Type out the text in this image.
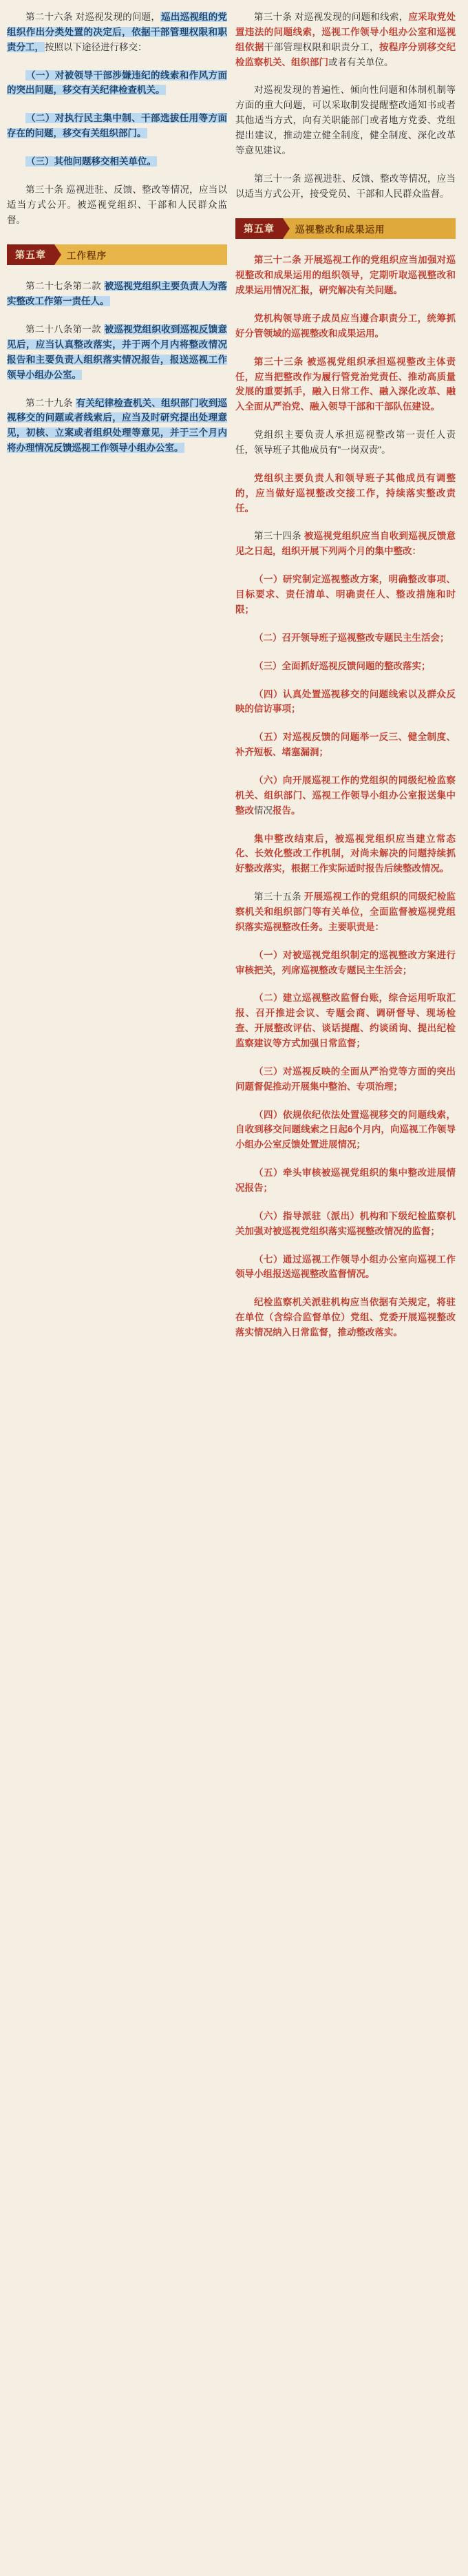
第二十六条 对巡视发现的问题，巡出巡视组的党组织作出分类处置的决定后，依据干部管理权限和职责分工，按照以下途径进行移交：

（一）对被领导干部涉嫌违纪的线索和作风方面的突出问题，移交有关纪律检查机关。

（二）对执行民主集中制、干部选拔任用等方面存在的问题，移交有关组织部门。

（三）其他问题移交相关单位。

第三十条 巡视进驻、反馈、整改等情况，应当以适当方式公开。被巡视党组织、干部和人民群众监督。

第五章	工作程序

第二十七条第二款 被巡视党组织主要负责人为落实整改工作第一责任人。

第二十八条第一款 被巡视党组织收到巡视反馈意见后，应当认真整改落实，并于两个月内将整改情况报告和主要负责人组织落实情况报告，报送巡视工作领导小组办公室。

第二十九条 有关纪律检查机关、组织部门收到巡视移交的问题或者线索后，应当及时研究提出处理意见，初核、立案或者组织处理等意见，并于三个月内将办理情况反馈巡视工作领导小组办公室。

第三十条 对巡视发现的问题和线索，应采取党处置违法的问题线索，巡视工作领导小组办公室和巡视组依据干部管理权限和职责分工，按程序分别移交纪检监察机关、组织部门或者有关单位。

对巡视发现的普遍性、倾向性问题和体制机制等方面的重大问题，可以采取制发提醒整改通知书或者其他适当方式，向有关职能部门或者地方党委、党组提出建议，推动建立健全制度，健全制度、深化改革等意见建议。

第三十一条 巡视进驻、反馈、整改等情况，应当以适当方式公开，接受党员、干部和人民群众监督。

第五章	巡视整改和成果运用

第三十二条 开展巡视工作的党组织应当加强对巡视整改和成果运用的组织领导，定期听取巡视整改和成果运用情况汇报，研究解决有关问题。

党机构领导班子成员应当遵合职责分工，统筹抓好分管领域的巡视整改和成果运用。

第三十三条 被巡视党组织承担巡视整改主体责任，应当把整改作为履行管党治党责任、推动高质量发展的重要抓手，融入日常工作、融入深化改革、融入全面从严治党、融入领导干部和干部队伍建设。

党组织主要负责人承担巡视整改第一责任人责任，领导班子其他成员有"一岗双责"。

党组织主要负责人和领导班子其他成员有调整的，应当做好巡视整改交接工作，持续落实整改责任。

第三十四条 被巡视党组织应当自收到巡视反馈意见之日起，组织开展下列两个月的集中整改：

（一）研究制定巡视整改方案，明确整改事项、目标要求、责任清单、明确责任人、整改措施和时限；

（二）召开领导班子巡视整改专题民主生活会；

（三）全面抓好巡视反馈问题的整改落实；

（四）认真处置巡视移交的问题线索以及群众反映的信访事项；

（五）对巡视反馈的问题举一反三、健全制度、补齐短板、堵塞漏洞；

（六）向开展巡视工作的党组织的同级纪检监察机关、组织部门、巡视工作领导小组办公室报送集中整改情况报告。

集中整改结束后，被巡视党组织应当建立常态化、长效化整改工作机制，对尚未解决的问题持续抓好整改落实，根据工作实际适时报告后续整改情况。

第三十五条 开展巡视工作的党组织的同级纪检监察机关和组织部门等有关单位，全面监督被巡视党组织落实巡视整改任务。主要职责是：

（一）对被巡视党组织制定的巡视整改方案进行审核把关，列席巡视整改专题民主生活会；

（二）建立巡视整改监督台账，综合运用听取汇报、召开推进会议、专题会商、调研督导、现场检查、开展整改评估、谈话提醒、约谈函询、提出纪检监察建议等方式加强日常监督；

（三）对巡视反映的全面从严治党等方面的突出问题督促推动开展集中整治、专项治理；

（四）依规依纪依法处置巡视移交的问题线索，自收到移交问题线索之日起6个月内，向巡视工作领导小组办公室反馈处置进展情况；

（五）牵头审核被巡视党组织的集中整改进展情况报告；

（六）指导派驻（派出）机构和下级纪检监察机关加强对被巡视党组织落实巡视整改情况的监督；

（七）通过巡视工作领导小组办公室向巡视工作领导小组报送巡视整改监督情况。

纪检监察机关派驻机构应当依据有关规定，将驻在单位（含综合监督单位）党组、党委开展巡视整改落实情况纳入日常监督，推动整改落实。
